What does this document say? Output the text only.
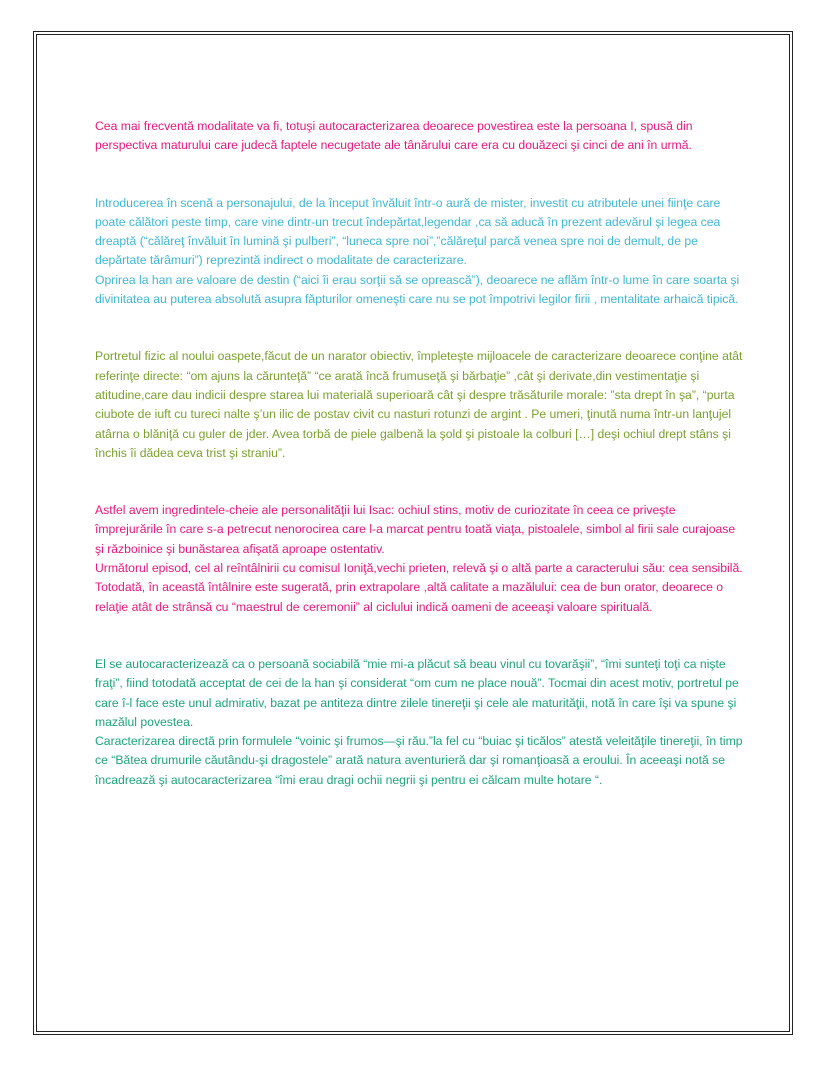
Cea mai frecventă modalitate va fi, totuşi autocaracterizarea deoarece povestirea este la persoana I, spusă din perspectiva maturului care judecă faptele necugetate ale tânărului care era cu douăzeci şi cinci de ani în urmă.

Introducerea în scenă a personajului, de la început învăluit într-o aură de mister, investit cu atributele unei fiinţe care poate călători peste timp, care vine dintr-un trecut îndepărtat,legendar ,ca să aducă în prezent adevărul şi legea cea dreaptă (“călăreţ învăluit în lumină şi pulberi”, “luneca spre noi”,”călăreţul parcă venea spre noi de demult, de pe depărtate tărâmuri”) reprezintă indirect o modalitate de caracterizare.
Oprirea la han are valoare de destin (“aici îi erau sorţii să se oprească”), deoarece ne aflăm într-o lume în care soarta şi divinitatea au puterea absolută asupra făpturilor omeneşti care nu se pot împotrivi legilor firii , mentalitate arhaică tipică.

Portretul fizic al noului oaspete,făcut de un narator obiectiv, împleteşte mijloacele de caracterizare deoarece conţine atât referinţe directe: “om ajuns la cărunteţă” “ce arată încă frumuseţă şi bărbaţie” ,cât şi derivate,din vestimentaţie şi atitudine,care dau indicii despre starea lui materială superioară cât şi despre trăsăturile morale: ”sta drept în şa”, “purta ciubote de iuft cu tureci nalte ş’un ilic de postav civit cu nasturi rotunzi de argint . Pe umeri, ţinută numa într-un lanţujel atârna o blăniţă cu guler de jder. Avea torbă de piele galbenă la şold şi pistoale la colburi […] deşi ochiul drept stâns şi închis îi dădea ceva trist şi straniu”.

Astfel avem ingredintele-cheie ale personalităţii lui Isac: ochiul stins, motiv de curiozitate în ceea ce priveşte împrejurările în care s-a petrecut nenorocirea care l-a marcat pentru toată viaţa, pistoalele, simbol al firii sale curajoase şi războinice şi bunăstarea afişată aproape ostentativ.
Următorul episod, cel al reîntâlnirii cu comisul Ioniţă,vechi prieten, relevă şi o altă parte a caracterului său: cea sensibilă. Totodată, în această întâlnire este sugerată, prin extrapolare ,altă calitate a mazălului: cea de bun orator, deoarece o relaţie atât de strânsă cu “maestrul de ceremonii” al ciclului indică oameni de aceeaşi valoare spirituală.

El se autocaracterizează ca o persoană sociabilă “mie mi-a plăcut să beau vinul cu tovarăşii”, “îmi sunteţi toţi ca nişte fraţi”, fiind totodată acceptat de cei de la han şi considerat “om cum ne place nouă”. Tocmai din acest motiv, portretul pe care î-l face este unul admirativ, bazat pe antiteza dintre zilele tinereţii şi cele ale maturităţii, notă în care îşi va spune şi mazălul povestea.
Caracterizarea directă prin formulele “voinic şi frumos—şi rău.”la fel cu “buiac şi ticălos” atestă veleităţile tinereţii, în timp ce “Bătea drumurile căutându-şi dragostele” arată natura aventurieră dar şi romanţioasă a eroului. În aceeaşi notă se încadrează şi autocaracterizarea “îmi erau dragi ochii negrii şi pentru ei călcam multe hotare “.
